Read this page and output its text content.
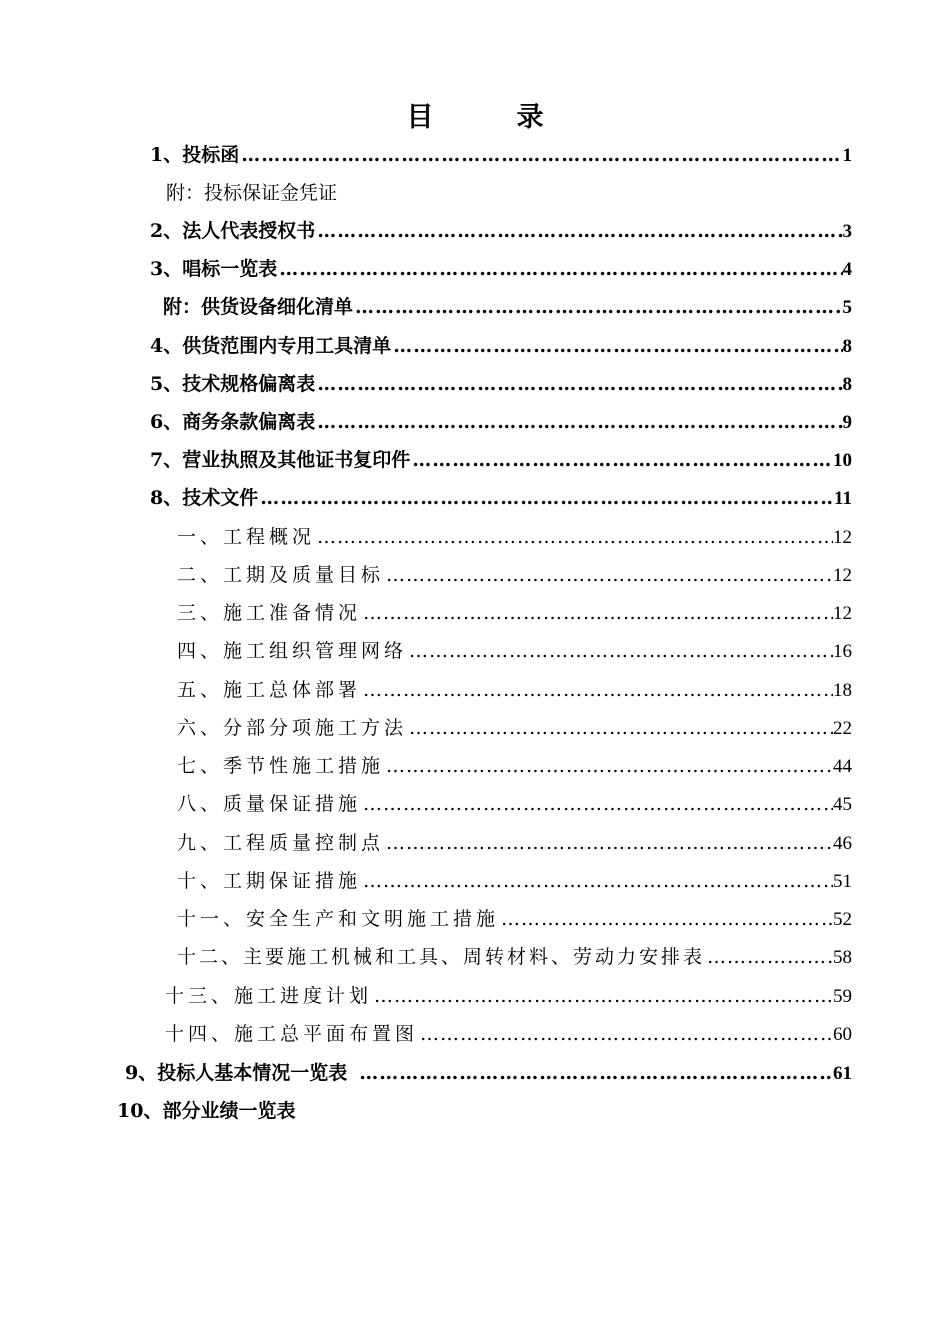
目　录
1、投标函 ……………………………………………………………………………………………………………………………………………………………………………………………………	1
附：投标保证金凭证
2、法人代表授权书 ……………………………………………………………………………………………………………………………………………………………………………………………………	3
3、唱标一览表 ……………………………………………………………………………………………………………………………………………………………………………………………………	4
附：供货设备细化清单 ……………………………………………………………………………………………………………………………………………………………………………………………………	5
4、供货范围内专用工具清单 ……………………………………………………………………………………………………………………………………………………………………………………………………	8
5、技术规格偏离表 ……………………………………………………………………………………………………………………………………………………………………………………………………	8
6、商务条款偏离表 ……………………………………………………………………………………………………………………………………………………………………………………………………	9
7、营业执照及其他证书复印件 ……………………………………………………………………………………………………………………………………………………………………………………………………	10
8、技术文件 ……………………………………………………………………………………………………………………………………………………………………………………………………	11
一、工程概况 ……………………………………………………………………………………………………………………………………………………………………………………………………	12
二、工期及质量目标 ……………………………………………………………………………………………………………………………………………………………………………………………………	12
三、施工准备情况 ……………………………………………………………………………………………………………………………………………………………………………………………………	12
四、施工组织管理网络 ……………………………………………………………………………………………………………………………………………………………………………………………………	16
五、施工总体部署 ……………………………………………………………………………………………………………………………………………………………………………………………………	18
六、分部分项施工方法 ……………………………………………………………………………………………………………………………………………………………………………………………………	22
七、季节性施工措施 ……………………………………………………………………………………………………………………………………………………………………………………………………	44
八、质量保证措施 ……………………………………………………………………………………………………………………………………………………………………………………………………	45
九、工程质量控制点 ……………………………………………………………………………………………………………………………………………………………………………………………………	46
十、工期保证措施 ……………………………………………………………………………………………………………………………………………………………………………………………………	51
十一、安全生产和文明施工措施 ……………………………………………………………………………………………………………………………………………………………………………………………………	52
十二、主要施工机械和工具、周转材料、劳动力安排表 ……………………………………………………………………………………………………………………………………………………………………………………………………	58
十三、施工进度计划 ……………………………………………………………………………………………………………………………………………………………………………………………………	59
十四、施工总平面布置图 ……………………………………………………………………………………………………………………………………………………………………………………………………	60
9、投标人基本情况一览表 ……………………………………………………………………………………………………………………………………………………………………………………………………	61
10、部分业绩一览表
